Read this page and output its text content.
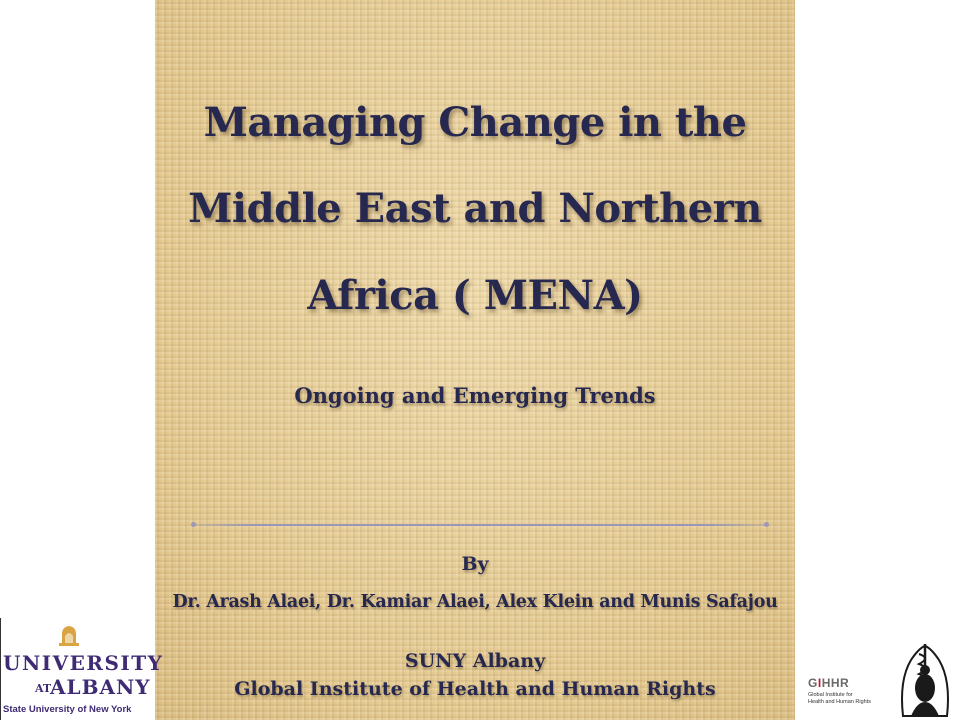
Managing Change in the
Middle East and Northern
Africa ( MENA)
Ongoing and Emerging Trends
By
Dr. Arash Alaei, Dr. Kamiar Alaei, Alex Klein and Munis Safajou
SUNY Albany
Global Institute of Health and Human Rights
UNIVERSITY
AT
ALBANY
State University of New York
GIHHR
Global Institute for
Health and Human Rights
